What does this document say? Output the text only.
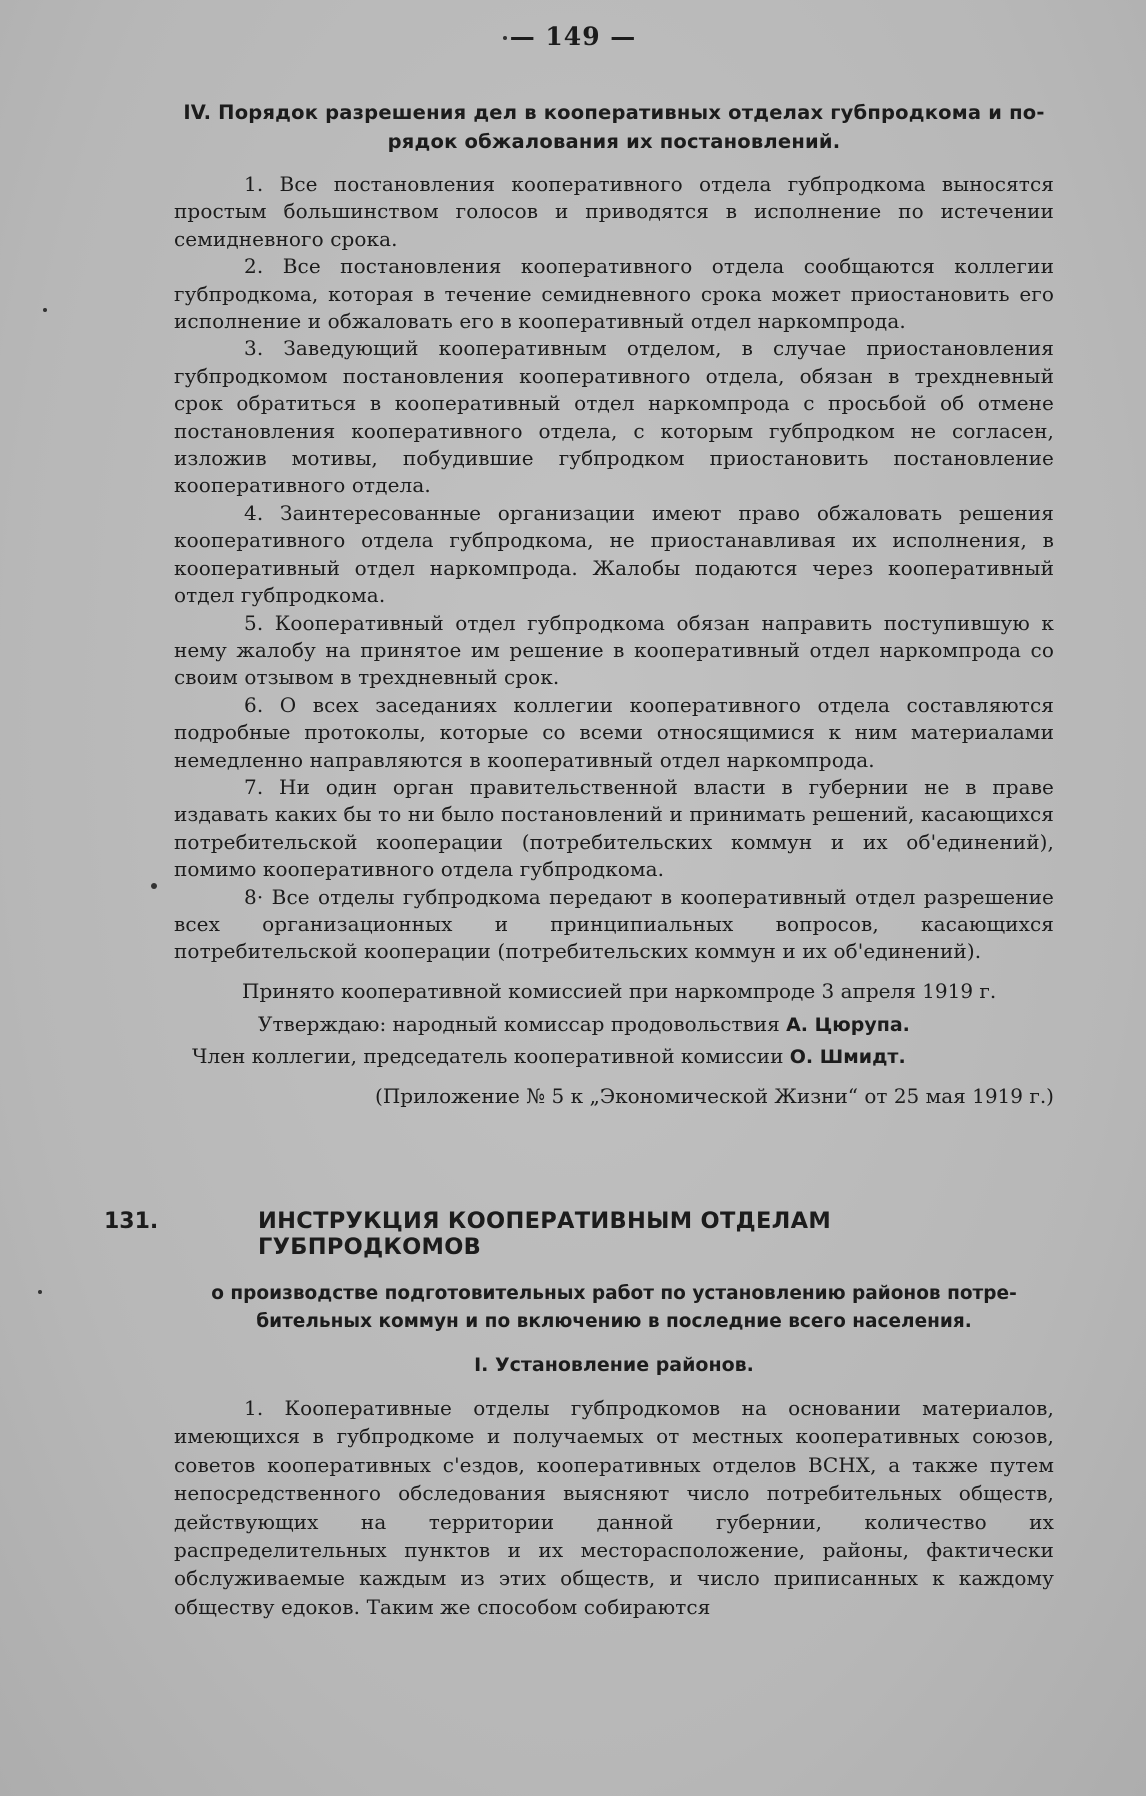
— 149 —
IV. Порядок разрешения дел в кооперативных отделах губпродкома и по-
рядок обжалования их постановлений.

1. Все постановления кооперативного отдела губпродкома выносятся простым большинством голосов и приводятся в исполнение по истечении семидневного срока.

2. Все постановления кооперативного отдела сообщаются коллегии губпродкома, которая в течение семидневного срока может приостановить его исполнение и обжаловать его в кооперативный отдел наркомпрода.

3. Заведующий кооперативным отделом, в случае приостановления губпродкомом постановления кооперативного отдела, обязан в трехдневный срок обратиться в кооперативный отдел наркомпрода с просьбой об отмене постановления кооперативного отдела, с которым губпродком не согласен, изложив мотивы, побудившие губпродком приостановить постановление кооперативного отдела.

4. Заинтересованные организации имеют право обжаловать решения кооперативного отдела губпродкома, не приостанавливая их исполнения, в кооперативный отдел наркомпрода. Жалобы подаются через кооперативный отдел губпродкома.

5. Кооперативный отдел губпродкома обязан направить поступившую к нему жалобу на принятое им решение в кооперативный отдел наркомпрода со своим отзывом в трехдневный срок.

6. О всех заседаниях коллегии кооперативного отдела составляются подробные протоколы, которые со всеми относящимися к ним материалами немедленно направляются в кооперативный отдел наркомпрода.

7. Ни один орган правительственной власти в губернии не в праве издавать каких бы то ни было постановлений и принимать решений, касающихся потребительской кооперации (потребительских коммун и их об'единений), помимо кооперативного отдела губпродкома.

8· Все отделы губпродкома передают в кооперативный отдел разрешение всех организационных и принципиальных вопросов, касающихся потребительской кооперации (потребительских коммун и их об'единений).

Принято кооперативной комиссией при наркомпроде 3 апреля 1919 г.
Утверждаю: народный комиссар продовольствия А. Цюрупа.
Член коллегии, председатель кооперативной комиссии О. Шмидт.
(Приложение № 5 к „Экономической Жизни“ от 25 мая 1919 г.)
131.	ИНСТРУКЦИЯ КООПЕРАТИВНЫМ ОТДЕЛАМ ГУБПРОДКОМОВ
о производстве подготовительных работ по установлению районов потре-
бительных коммун и по включению в последние всего населения.
I. Установление районов.

1. Кооперативные отделы губпродкомов на основании материалов, имеющихся в губпродкоме и получаемых от местных кооперативных союзов, советов кооперативных с'ездов, кооперативных отделов ВСНХ, а также путем непосредственного обследования выясняют число потребительных обществ, действующих на территории данной губернии, количество их распределительных пунктов и их месторасположение, районы, фактически обслуживаемые каждым из этих обществ, и число приписанных к каждому обществу едоков. Таким же способом собираются
